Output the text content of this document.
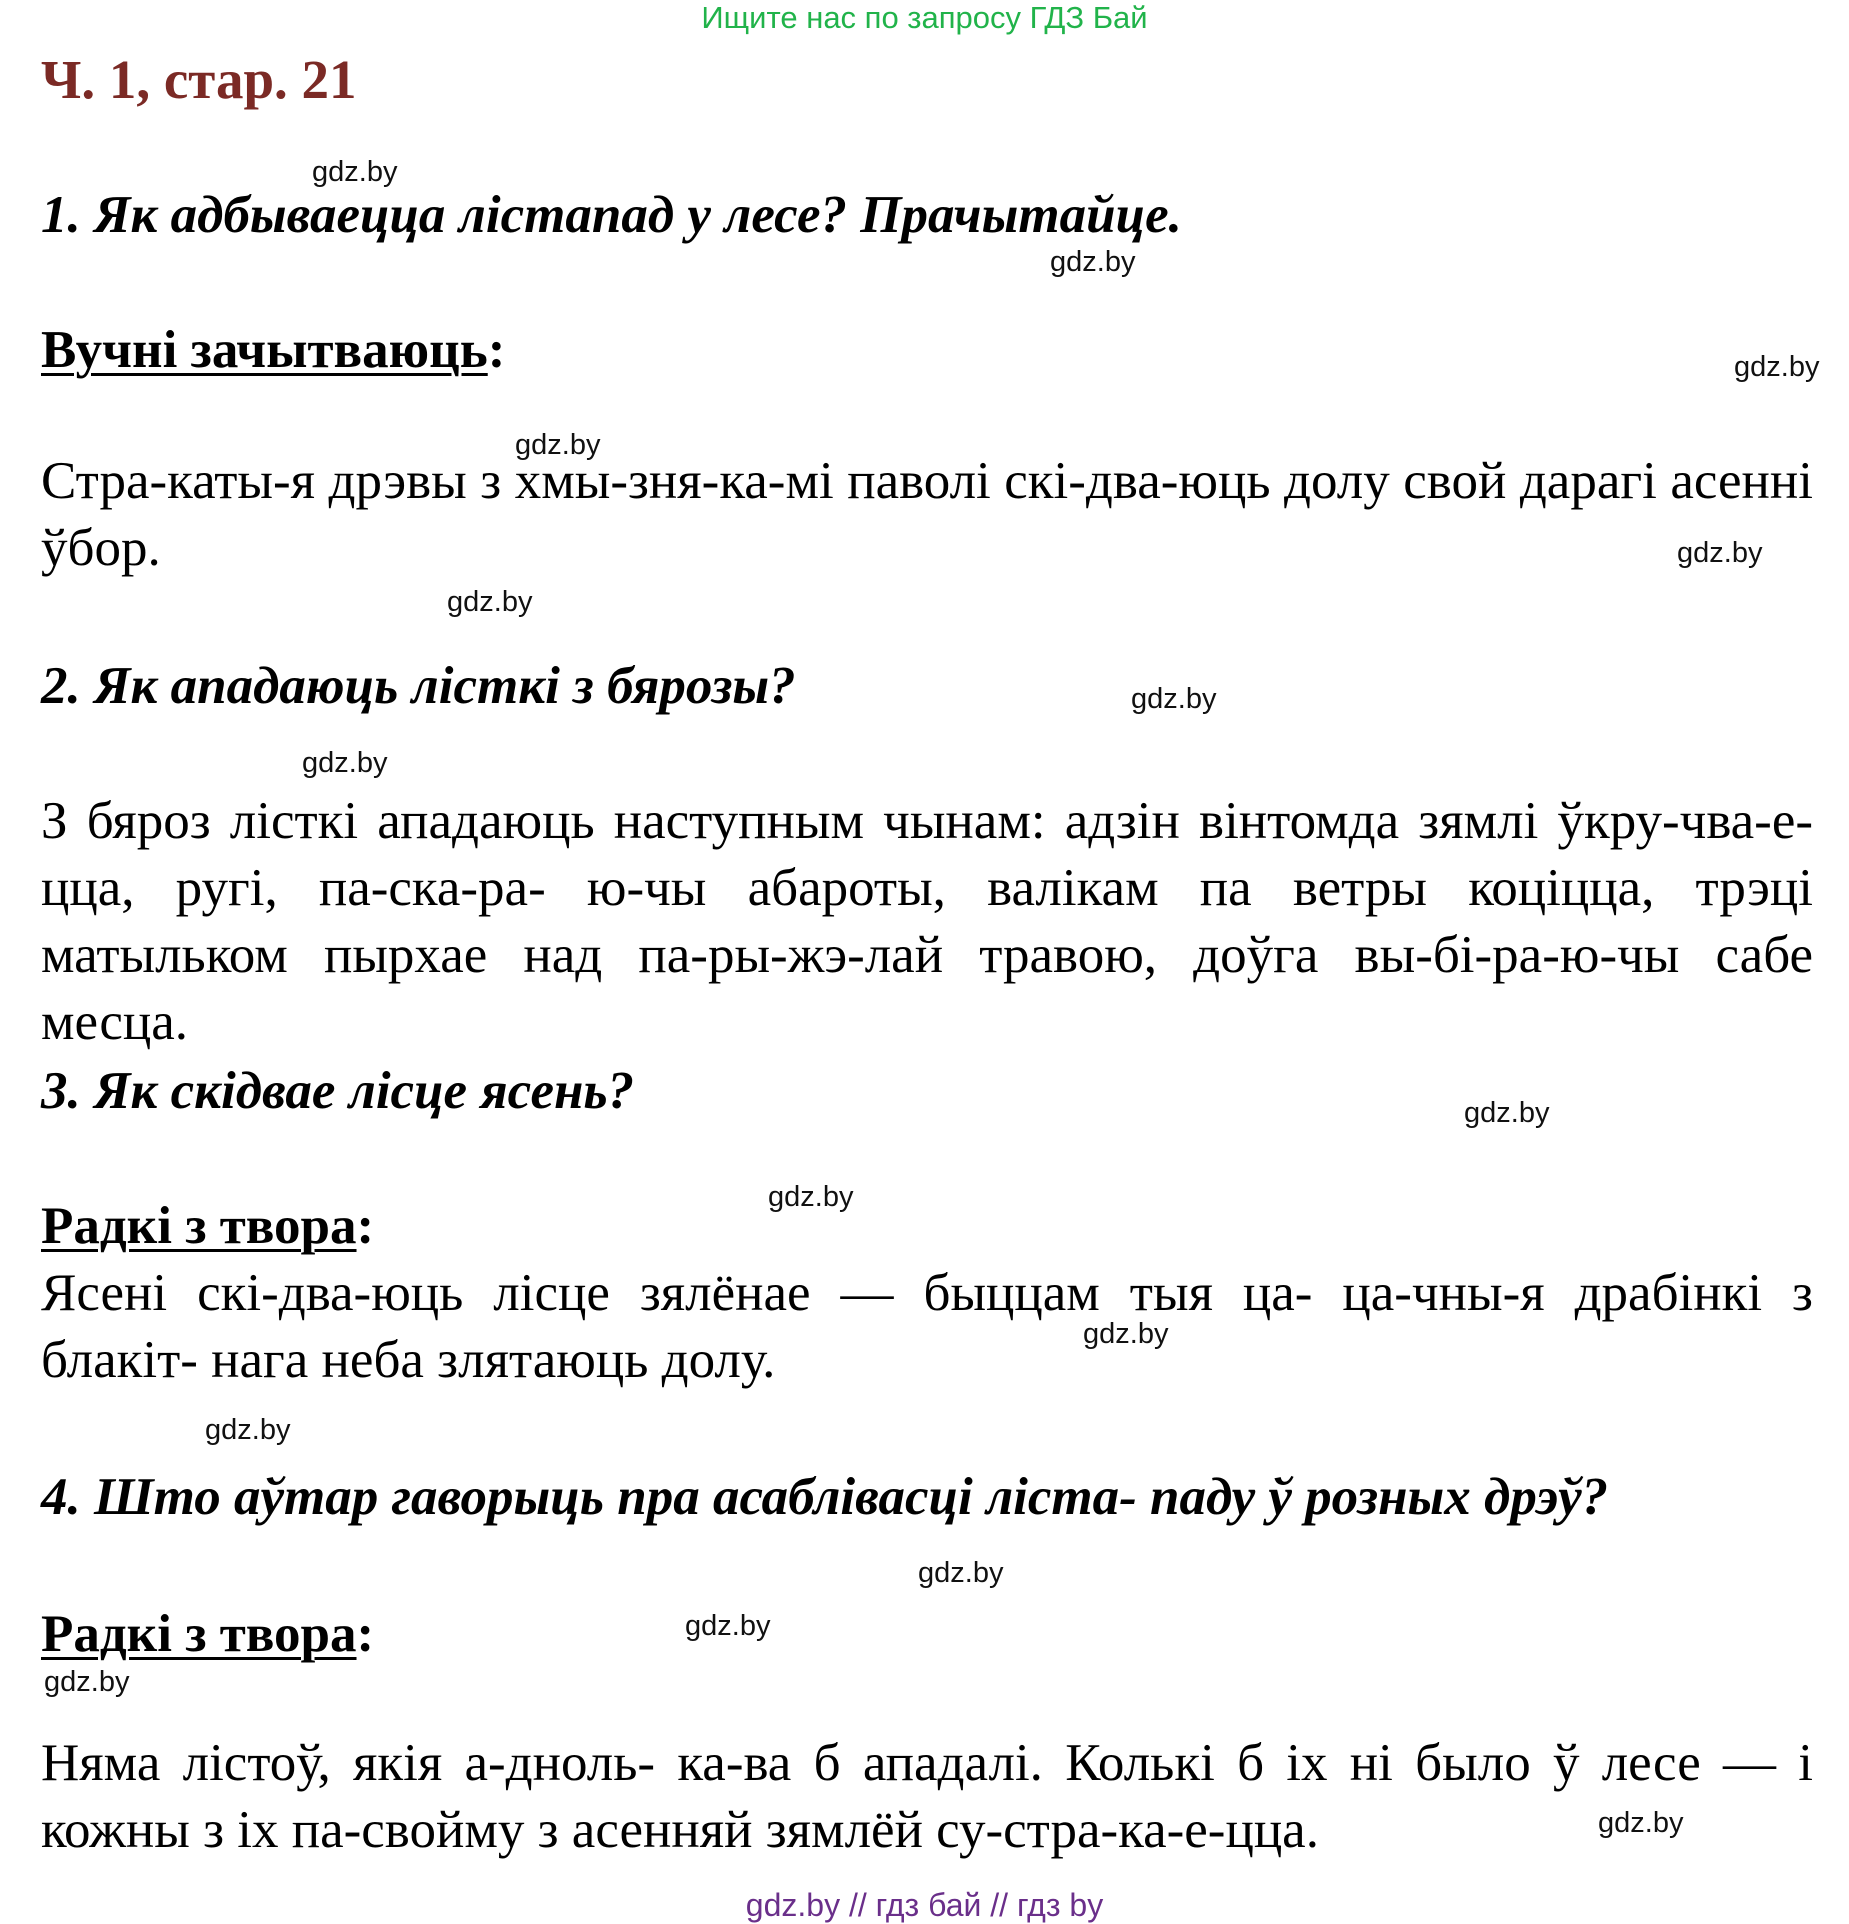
Ищите нас по запросу ГДЗ Бай
Ч. 1, стар. 21
1. Як адбываецца лістапад у лесе? Прачытайце.
Вучні зачытваюць:
Стра-каты-я дрэвы з хмы-зня-ка-мі паволі скі-два-юць долу свой дарагі асенні ўбор.
2. Як ападаюць лісткі з бярозы?
З бяроз лісткі ападаюць наступным чынам: адзін вінтомда зямлі ўкру-чва-е-цца, ругі, па-ска-ра- ю-чы абароты, валікам па ветры коціцца, трэці матыльком пырхае над па-ры-жэ-лай травою, доўга вы-бі-ра-ю-чы сабе месца.
3. Як скідвае лісце ясень?
Радкі з твора:
Ясені скі-два-юць лісце зялёнае — быццам тыя ца- ца-чны-я драбінкі з блакіт- нага неба злятаюць долу.
4. Што аўтар гаворыць пра асаблівасці ліста- паду ў розных дрэў?
Радкі з твора:
Няма лістоў, якія а-дноль- ка-ва б ападалі. Колькі б іх ні было ў лесе — і кожны з іх па-свойму з асенняй зямлёй су-стра-ка-е-цца.
gdz.by
gdz.by
gdz.by
gdz.by
gdz.by
gdz.by
gdz.by
gdz.by
gdz.by
gdz.by
gdz.by
gdz.by
gdz.by
gdz.by
gdz.by
gdz.by
gdz.by // гдз бай // гдз by
